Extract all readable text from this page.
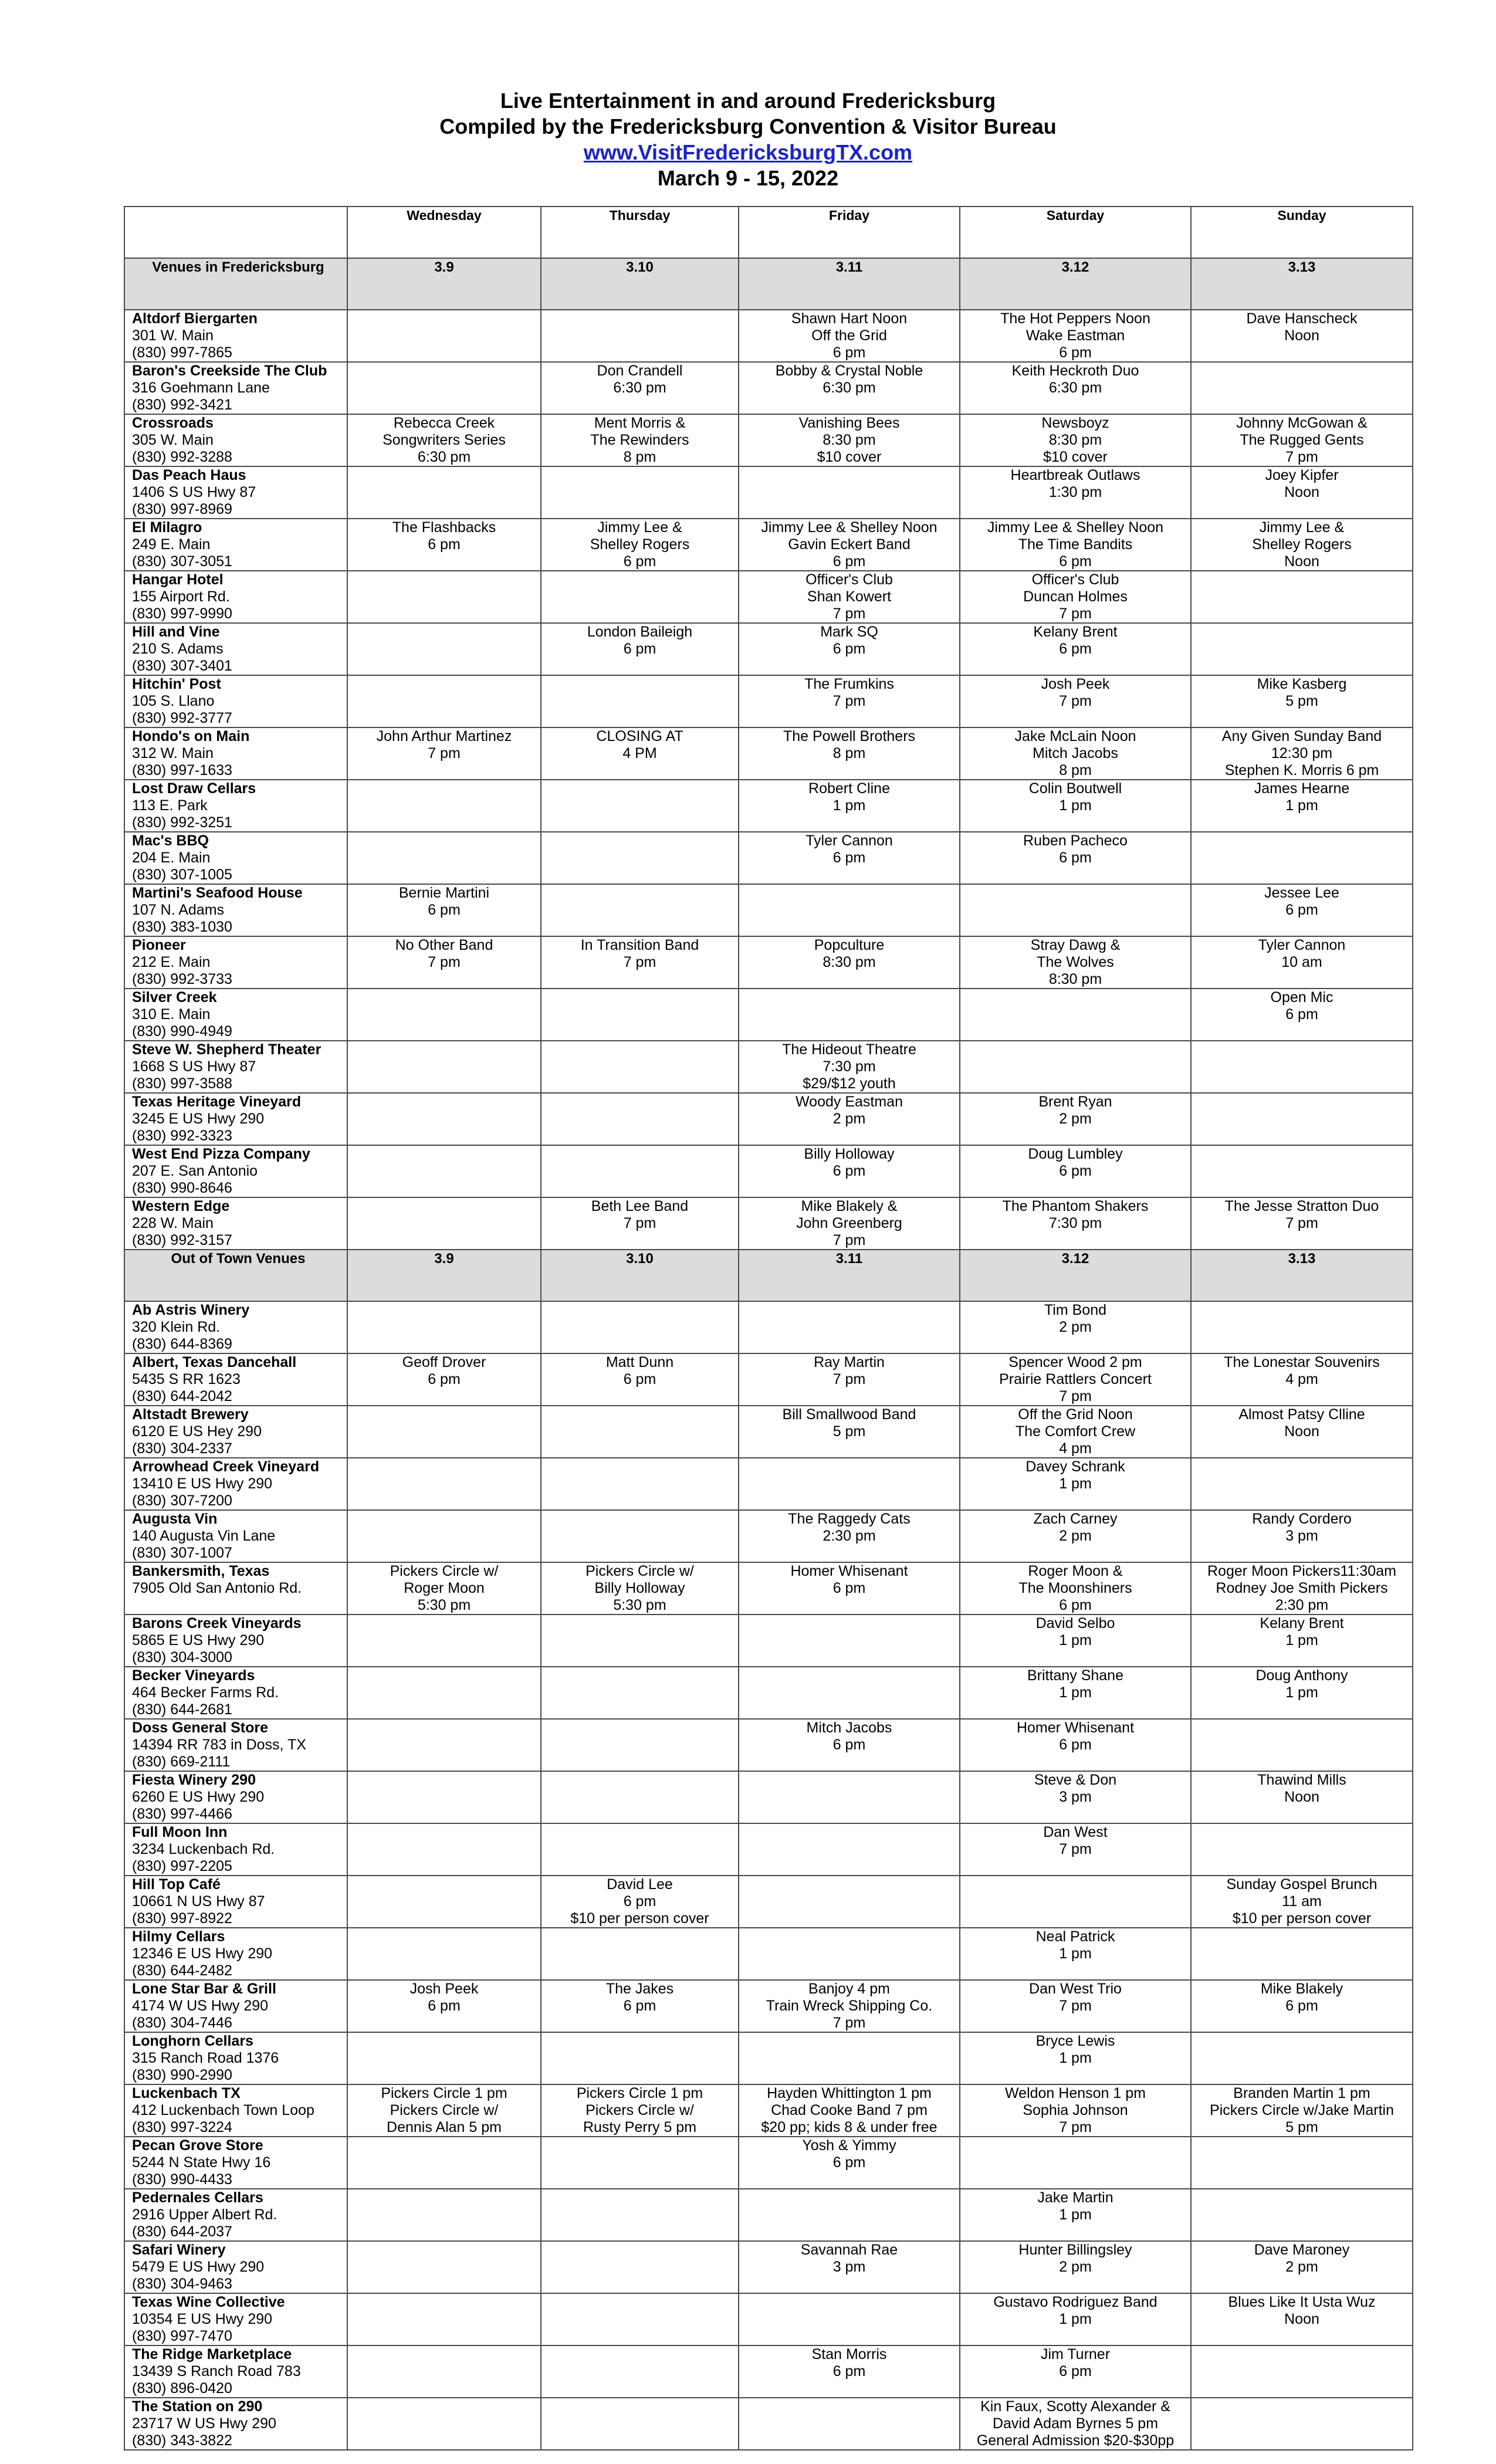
Live Entertainment in and around Fredericksburg
Compiled by the Fredericksburg Convention & Visitor Bureau
www.VisitFredericksburgTX.com
March 9 - 15, 2022
	Wednesday	Thursday	Friday	Saturday	Sunday
Venues in Fredericksburg	3.9	3.10	3.11	3.12	3.13

Altdorf Biergarten
301 W. Main
(830) 997-7865			Shawn Hart Noon
Off the Grid
6 pm	The Hot Peppers Noon
Wake Eastman
6 pm	Dave Hanscheck
Noon

Baron's Creekside The Club
316 Goehmann Lane
(830) 992-3421		Don Crandell
6:30 pm	Bobby & Crystal Noble
6:30 pm	Keith Heckroth Duo
6:30 pm	

Crossroads
305 W. Main
(830) 992-3288	Rebecca Creek
Songwriters Series
6:30 pm	Ment Morris &
The Rewinders
8 pm	Vanishing Bees
8:30 pm
$10 cover	Newsboyz
8:30 pm
$10 cover	Johnny McGowan &
The Rugged Gents
7 pm

Das Peach Haus
1406 S US Hwy 87
(830) 997-8969				Heartbreak Outlaws
1:30 pm	Joey Kipfer
Noon

El Milagro
249 E. Main
(830) 307-3051	The Flashbacks
6 pm	Jimmy Lee &
Shelley Rogers
6 pm	Jimmy Lee & Shelley Noon
Gavin Eckert Band
6 pm	Jimmy Lee & Shelley Noon
The Time Bandits
6 pm	Jimmy Lee &
Shelley Rogers
Noon

Hangar Hotel
155 Airport Rd.
(830) 997-9990			Officer's Club
Shan Kowert
7 pm	Officer's Club
Duncan Holmes
7 pm	

Hill and Vine
210 S. Adams
(830) 307-3401		London Baileigh
6 pm	Mark SQ
6 pm	Kelany Brent
6 pm	

Hitchin' Post
105 S. Llano
(830) 992-3777			The Frumkins
7 pm	Josh Peek
7 pm	Mike Kasberg
5 pm

Hondo's on Main
312 W. Main
(830) 997-1633	John Arthur Martinez
7 pm	CLOSING AT
4 PM	The Powell Brothers
8 pm	Jake McLain Noon
Mitch Jacobs
8 pm	Any Given Sunday Band
12:30 pm
Stephen K. Morris 6 pm

Lost Draw Cellars
113 E. Park
(830) 992-3251			Robert Cline
1 pm	Colin Boutwell
1 pm	James Hearne
1 pm

Mac's BBQ
204 E. Main
(830) 307-1005			Tyler Cannon
6 pm	Ruben Pacheco
6 pm	

Martini's Seafood House
107 N. Adams
(830) 383-1030	Bernie Martini
6 pm				Jessee Lee
6 pm

Pioneer
212 E. Main
(830) 992-3733	No Other Band
7 pm	In Transition Band
7 pm	Popculture
8:30 pm	Stray Dawg &
The Wolves
8:30 pm	Tyler Cannon
10 am

Silver Creek
310 E. Main
(830) 990-4949					Open Mic
6 pm

Steve W. Shepherd Theater
1668 S US Hwy 87
(830) 997-3588			The Hideout Theatre
7:30 pm
$29/$12 youth		

Texas Heritage Vineyard
3245 E US Hwy 290
(830) 992-3323			Woody Eastman
2 pm	Brent Ryan
2 pm	

West End Pizza Company
207 E. San Antonio
(830) 990-8646			Billy Holloway
6 pm	Doug Lumbley
6 pm	

Western Edge
228 W. Main
(830) 992-3157		Beth Lee Band
7 pm	Mike Blakely &
John Greenberg
7 pm	The Phantom Shakers
7:30 pm	The Jesse Stratton Duo
7 pm

Out of Town Venues	3.9	3.10	3.11	3.12	3.13

Ab Astris Winery
320 Klein Rd.
(830) 644-8369				Tim Bond
2 pm	

Albert, Texas Dancehall
5435 S RR 1623
(830) 644-2042	Geoff Drover
6 pm	Matt Dunn
6 pm	Ray Martin
7 pm	Spencer Wood 2 pm
Prairie Rattlers Concert
7 pm	The Lonestar Souvenirs
4 pm

Altstadt Brewery
6120 E US Hey 290
(830) 304-2337			Bill Smallwood Band
5 pm	Off the Grid Noon
The Comfort Crew
4 pm	Almost Patsy Clline
Noon

Arrowhead Creek Vineyard
13410 E US Hwy 290
(830) 307-7200				Davey Schrank
1 pm	

Augusta Vin
140 Augusta Vin Lane
(830) 307-1007			The Raggedy Cats
2:30 pm	Zach Carney
2 pm	Randy Cordero
3 pm

Bankersmith, Texas
7905 Old San Antonio Rd.	Pickers Circle w/
Roger Moon
5:30 pm	Pickers Circle w/
Billy Holloway
5:30 pm	Homer Whisenant
6 pm	Roger Moon &
The Moonshiners
6 pm	Roger Moon Pickers11:30am
Rodney Joe Smith Pickers
2:30 pm

Barons Creek Vineyards
5865 E US Hwy 290
(830) 304-3000				David Selbo
1 pm	Kelany Brent
1 pm

Becker Vineyards
464 Becker Farms Rd.
(830) 644-2681				Brittany Shane
1 pm	Doug Anthony
1 pm

Doss General Store
14394 RR 783 in Doss, TX
(830) 669-2111			Mitch Jacobs
6 pm	Homer Whisenant
6 pm	

Fiesta Winery 290
6260 E US Hwy 290
(830) 997-4466				Steve & Don
3 pm	Thawind Mills
Noon

Full Moon Inn
3234 Luckenbach Rd.
(830) 997-2205				Dan West
7 pm	

Hill Top Café
10661 N US Hwy 87
(830) 997-8922		David Lee
6 pm
$10 per person cover			Sunday Gospel Brunch
11 am
$10 per person cover

Hilmy Cellars
12346 E US Hwy 290
(830) 644-2482				Neal Patrick
1 pm	

Lone Star Bar & Grill
4174 W US Hwy 290
(830) 304-7446	Josh Peek
6 pm	The Jakes
6 pm	Banjoy 4 pm
Train Wreck Shipping Co.
7 pm	Dan West Trio
7 pm	Mike Blakely
6 pm

Longhorn Cellars
315 Ranch Road 1376
(830) 990-2990				Bryce Lewis
1 pm	

Luckenbach TX
412 Luckenbach Town Loop
(830) 997-3224	Pickers Circle 1 pm
Pickers Circle w/
Dennis Alan 5 pm	Pickers Circle 1 pm
Pickers Circle w/
Rusty Perry 5 pm	Hayden Whittington 1 pm
Chad Cooke Band 7 pm
$20 pp; kids 8 & under free	Weldon Henson 1 pm
Sophia Johnson
7 pm	Branden Martin 1 pm
Pickers Circle w/Jake Martin
5 pm

Pecan Grove Store
5244 N State Hwy 16
(830) 990-4433			Yosh & Yimmy
6 pm		

Pedernales Cellars
2916 Upper Albert Rd.
(830) 644-2037				Jake Martin
1 pm	

Safari Winery
5479 E US Hwy 290
(830) 304-9463			Savannah Rae
3 pm	Hunter Billingsley
2 pm	Dave Maroney
2 pm

Texas Wine Collective
10354 E US Hwy 290
(830) 997-7470				Gustavo Rodriguez Band
1 pm	Blues Like It Usta Wuz
Noon

The Ridge Marketplace
13439 S Ranch Road 783
(830) 896-0420			Stan Morris
6 pm	Jim Turner
6 pm	

The Station on 290
23717 W US Hwy 290
(830) 343-3822				Kin Faux, Scotty Alexander &
David Adam Byrnes 5 pm
General Admission $20-$30pp	
